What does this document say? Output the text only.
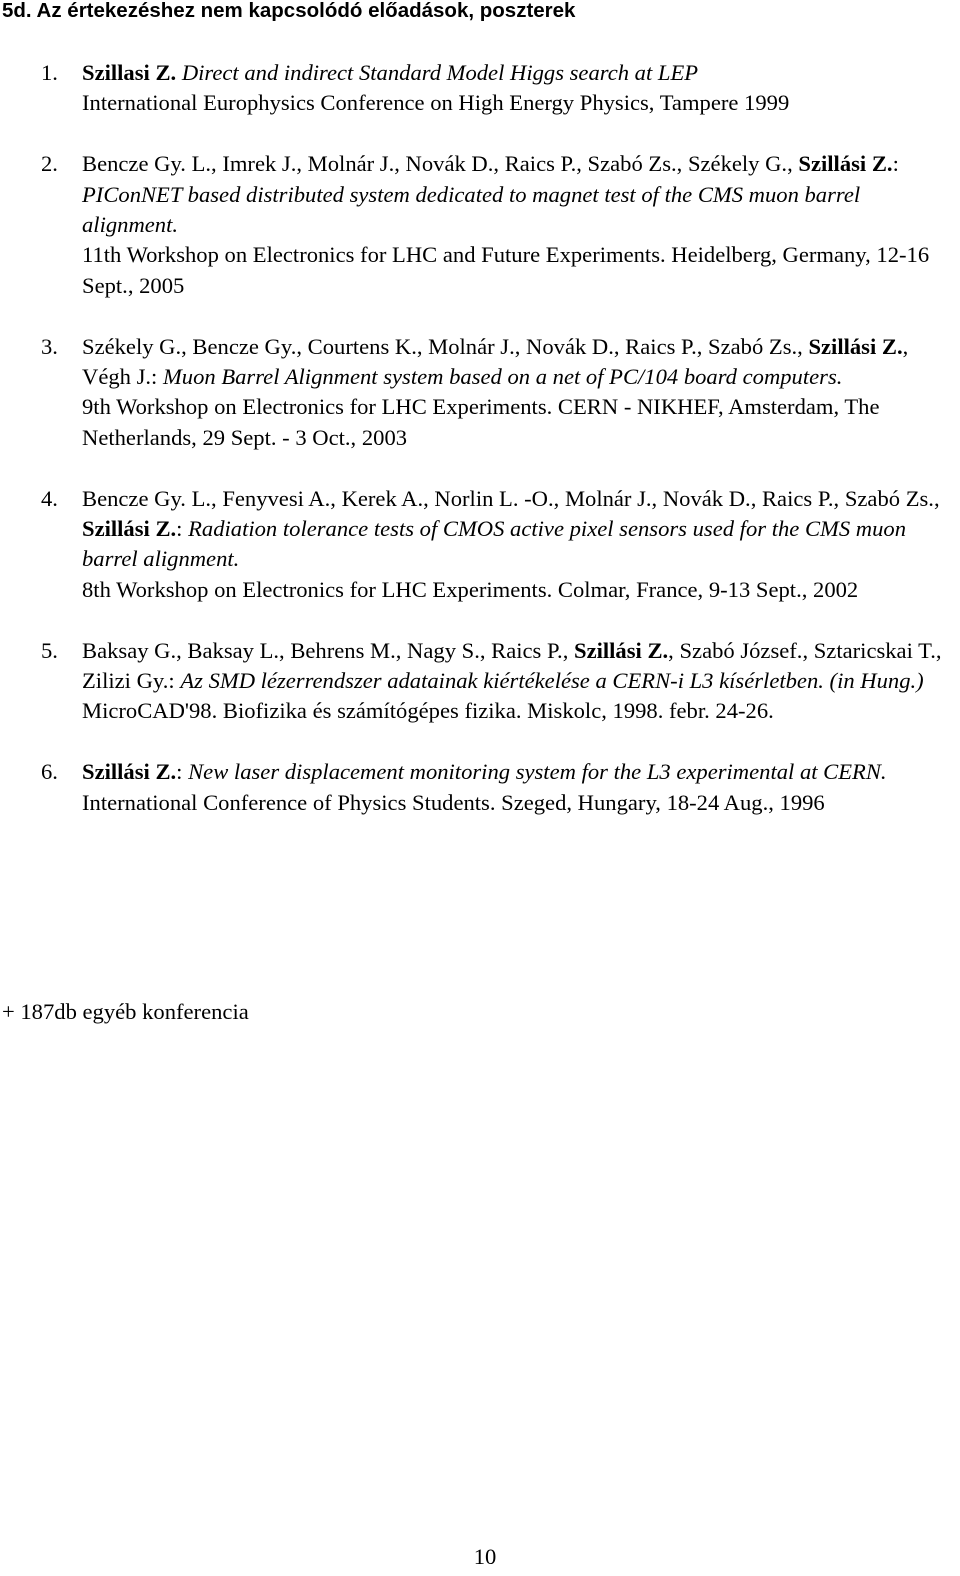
5d. Az értekezéshez nem kapcsolódó előadások, poszterek
1. Szillasi Z. Direct and indirect Standard Model Higgs search at LEP
International Europhysics Conference on High Energy Physics, Tampere 1999
2. Bencze Gy. L., Imrek J., Molnár J., Novák D., Raics P., Szabó Zs., Székely G., Szillási Z.: PIConNET based distributed system dedicated to magnet test of the CMS muon barrel alignment.
11th Workshop on Electronics for LHC and Future Experiments. Heidelberg, Germany, 12-16 Sept., 2005
3. Székely G., Bencze Gy., Courtens K., Molnár J., Novák D., Raics P., Szabó Zs., Szillási Z., Végh J.: Muon Barrel Alignment system based on a net of PC/104 board computers.
9th Workshop on Electronics for LHC Experiments. CERN - NIKHEF, Amsterdam, The Netherlands, 29 Sept. - 3 Oct., 2003
4. Bencze Gy. L., Fenyvesi A., Kerek A., Norlin L. -O., Molnár J., Novák D., Raics P., Szabó Zs., Szillási Z.: Radiation tolerance tests of CMOS active pixel sensors used for the CMS muon barrel alignment.
8th Workshop on Electronics for LHC Experiments. Colmar, France, 9-13 Sept., 2002
5. Baksay G., Baksay L., Behrens M., Nagy S., Raics P., Szillási Z., Szabó József., Sztaricskai T., Zilizi Gy.: Az SMD lézerrendszer adatainak kiértékelése a CERN-i L3 kísérletben. (in Hung.)
MicroCAD'98. Biofizika és számítógépes fizika. Miskolc, 1998. febr. 24-26.
6. Szillási Z.: New laser displacement monitoring system for the L3 experimental at CERN.
International Conference of Physics Students. Szeged, Hungary, 18-24 Aug., 1996

+ 187db egyéb konferencia

10
